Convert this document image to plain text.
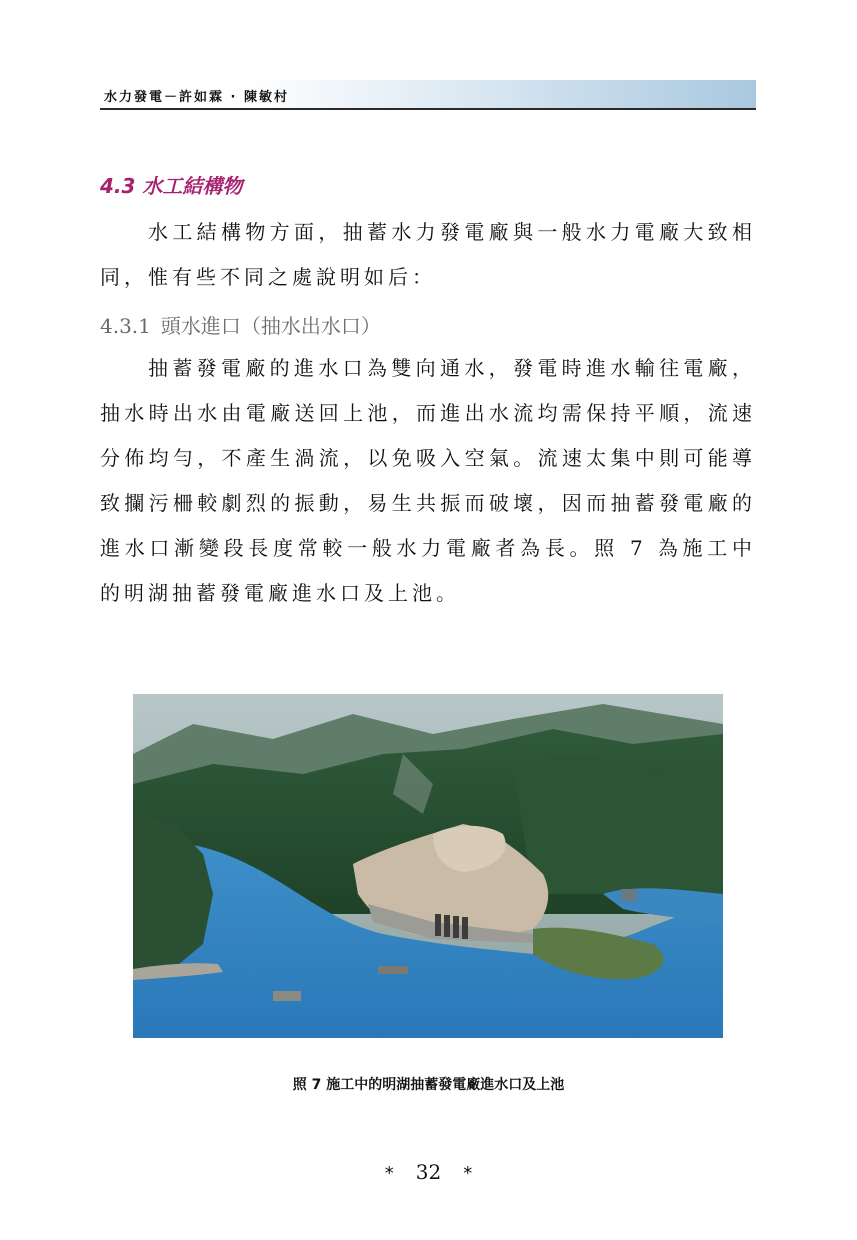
水力發電－許如霖 · 陳敏村
4.3 水工結構物

水工結構物方面，抽蓄水力發電廠與一般水力電廠大致相同，惟有些不同之處說明如后：

4.3.1 頭水進口（抽水出水口）

抽蓄發電廠的進水口為雙向通水，發電時進水輸往電廠，抽水時出水由電廠送回上池，而進出水流均需保持平順，流速分佈均勻，不產生渦流，以免吸入空氣。流速太集中則可能導致攔污柵較劇烈的振動，易生共振而破壞，因而抽蓄發電廠的進水口漸變段長度常較一般水力電廠者為長。照 7 為施工中的明湖抽蓄發電廠進水口及上池。

照 7 施工中的明湖抽蓄發電廠進水口及上池
* 32 *
